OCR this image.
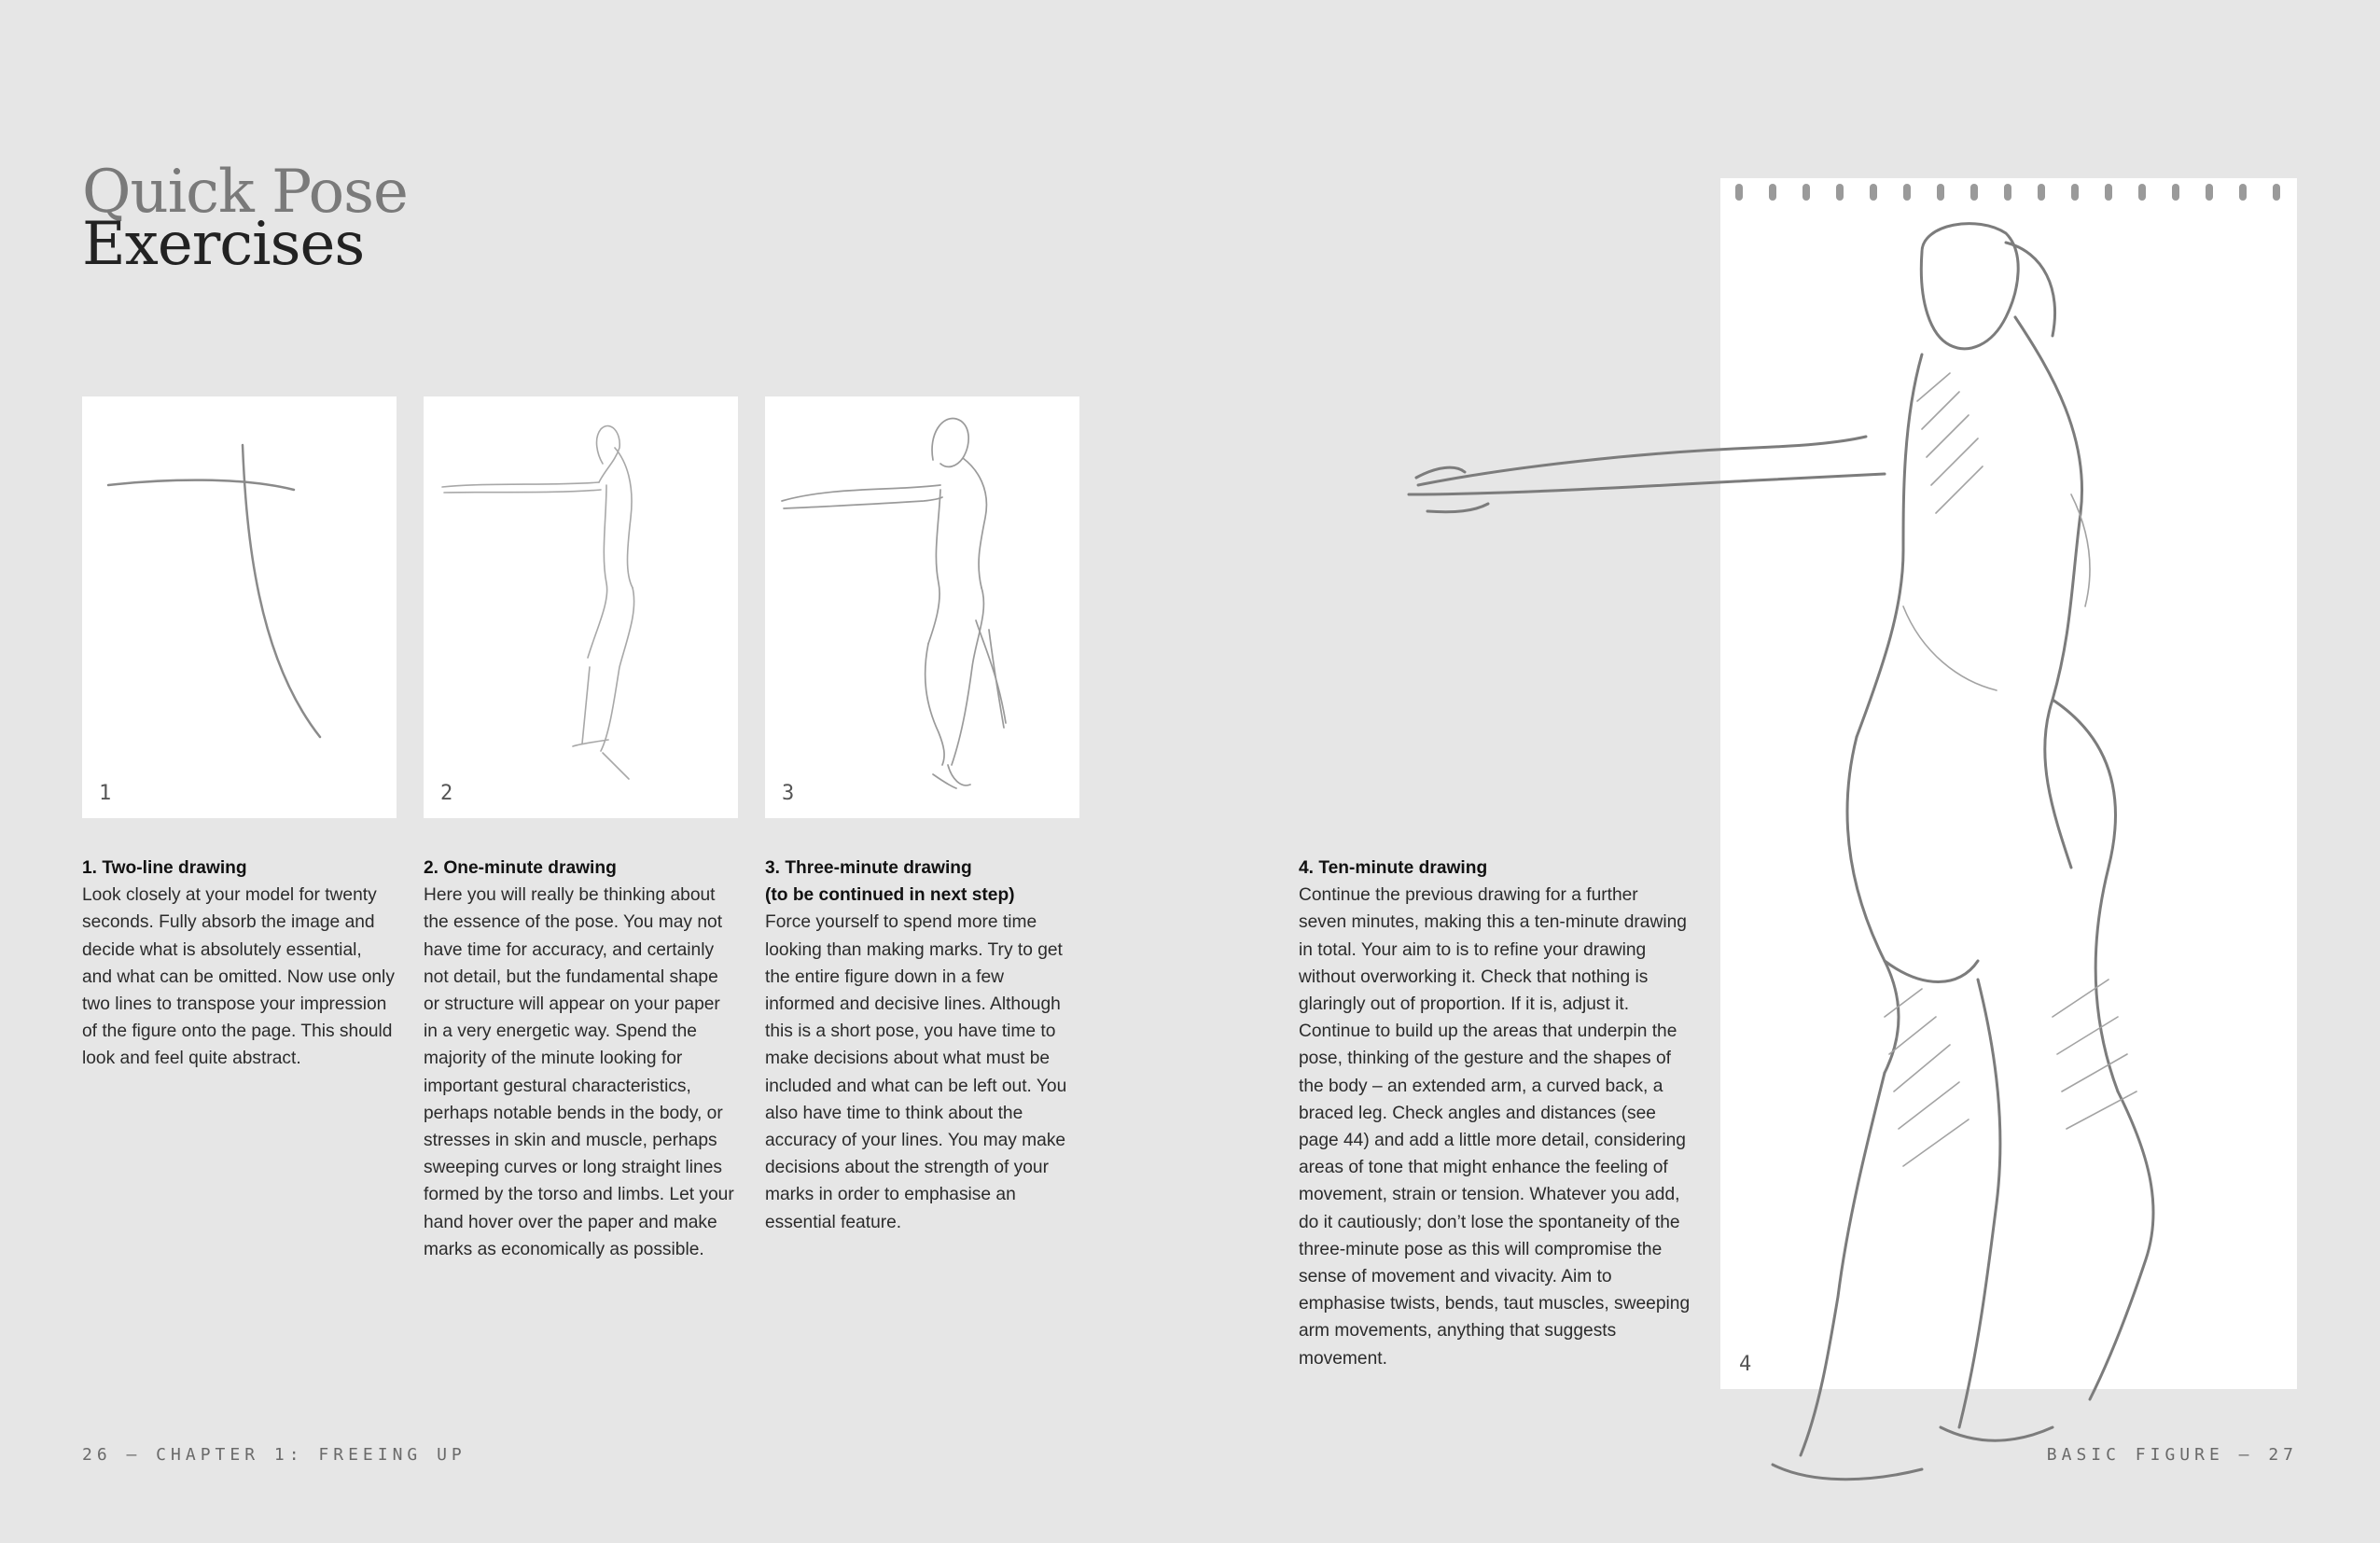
Quick Pose
Exercises
1	2	3
1. Two-line drawing
Look closely at your model for twenty seconds. Fully absorb the image and decide what is absolutely essential, and what can be omitted. Now use only two lines to transpose your impression of the figure onto the page. This should look and feel quite abstract.
2. One-minute drawing
Here you will really be thinking about the essence of the pose. You may not have time for accuracy, and certainly not detail, but the fundamental shape or structure will appear on your paper in a very energetic way. Spend the majority of the minute looking for important gestural characteristics, perhaps notable bends in the body, or stresses in skin and muscle, perhaps sweeping curves or long straight lines formed by the torso and limbs. Let your hand hover over the paper and make marks as economically as possible.
3. Three-minute drawing
(to be continued in next step)
Force yourself to spend more time looking than making marks. Try to get the entire figure down in a few informed and decisive lines. Although this is a short pose, you have time to make decisions about what must be included and what can be left out. You also have time to think about the accuracy of your lines. You may make decisions about the strength of your marks in order to emphasise an essential feature.
4. Ten-minute drawing
Continue the previous drawing for a further seven minutes, making this a ten-minute drawing in total. Your aim to is to refine your drawing without overworking it. Check that nothing is glaringly out of proportion. If it is, adjust it. Continue to build up the areas that underpin the pose, thinking of the gesture and the shapes of the body – an extended arm, a curved back, a braced leg. Check angles and distances (see page 44) and add a little more detail, considering areas of tone that might enhance the feeling of movement, strain or tension. Whatever you add, do it cautiously; don’t lose the spontaneity of the three-minute pose as this will compromise the sense of movement and vivacity. Aim to emphasise twists, bends, taut muscles, sweeping arm movements, anything that suggests movement.	4
26 — CHAPTER 1: FREEING UP	BASIC FIGURE — 27
